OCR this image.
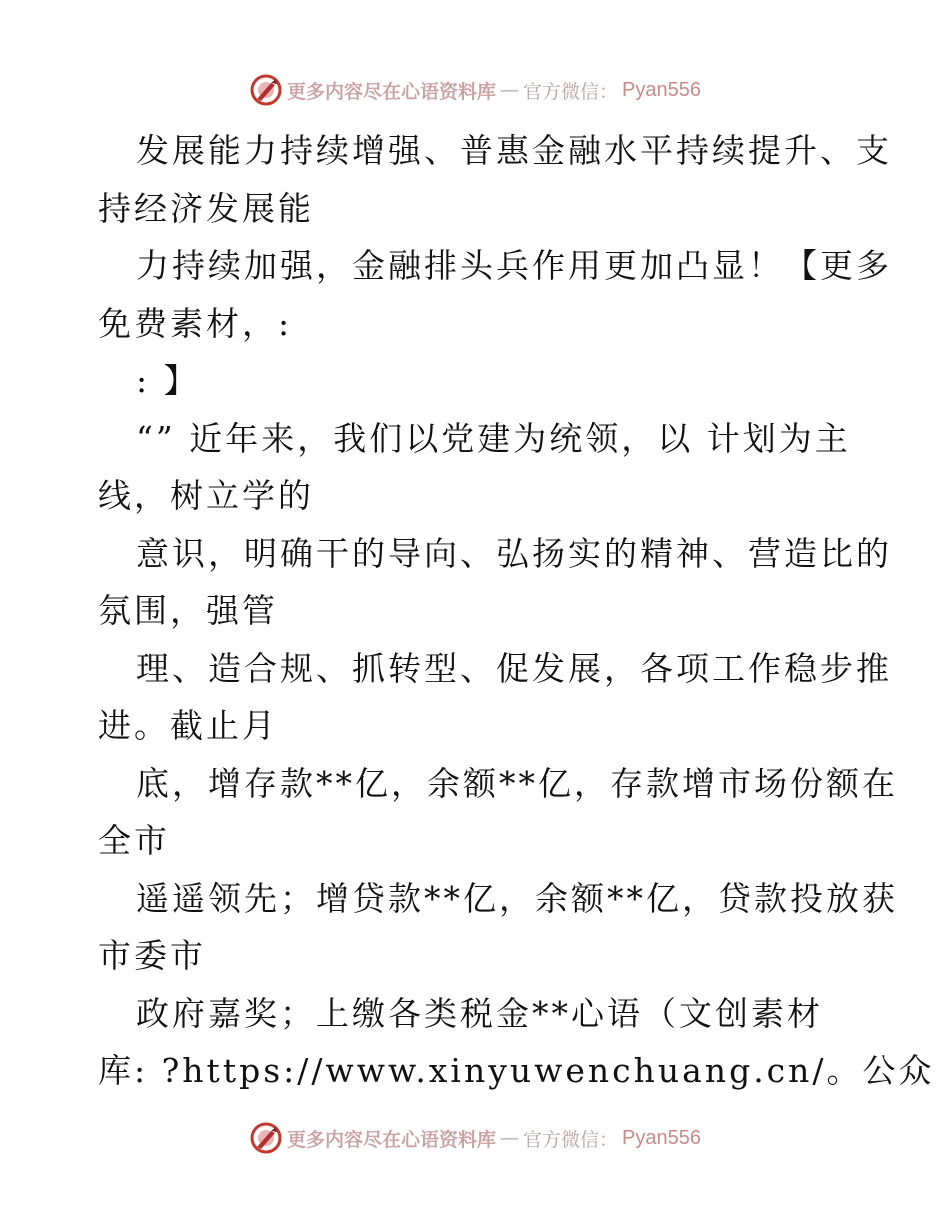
更多内容尽在心语资料库 — 官方微信： Pyan556
发展能力持续增强、普惠金融水平持续提升、支
持经济发展能
力持续加强，金融排头兵作用更加凸显！【更多
免费素材，:
: 】
“” 近年来，我们以党建为统领，以 计划为主
线，树立学的
意识，明确干的导向、弘扬实的精神、营造比的
氛围，强管
理、造合规、抓转型、促发展，各项工作稳步推
进。截止月
底，增存款**亿，余额**亿，存款增市场份额在
全市
遥遥领先；增贷款**亿，余额**亿，贷款投放获
市委市
政府嘉奖；上缴各类税金**心语（文创素材
库: ?https://www.xinyuwenchuang.cn/。公众
更多内容尽在心语资料库 — 官方微信： Pyan556
